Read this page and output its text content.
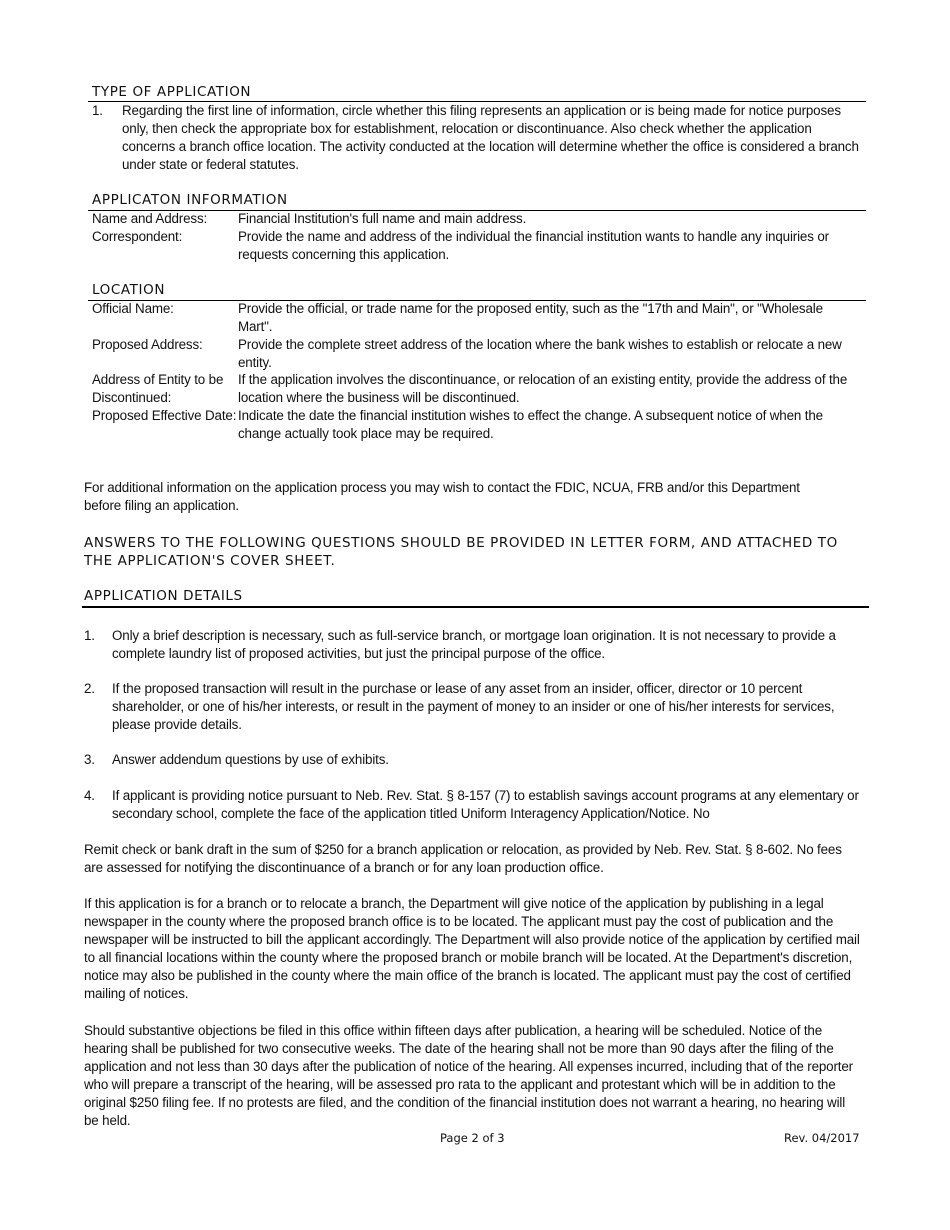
TYPE OF APPLICATION
1.	Regarding the first line of information, circle whether this filing represents an application or is being made for notice purposes only, then check the appropriate box for establishment, relocation or discontinuance. Also check whether the application concerns a branch office location. The activity conducted at the location will determine whether the office is considered a branch under state or federal statutes.
APPLICATON INFORMATION
Name and Address:	Financial Institution's full name and main address.
Correspondent:	Provide the name and address of the individual the financial institution wants to handle any inquiries or requests concerning this application.
LOCATION
Official Name:	Provide the official, or trade name for the proposed entity, such as the "17th and Main", or "Wholesale Mart".
Proposed Address:	Provide the complete street address of the location where the bank wishes to establish or relocate a new entity.
Address of Entity to be Discontinued:
If the application involves the discontinuance, or relocation of an existing entity, provide the address of the location where the business will be discontinued.
Proposed Effective Date: Indicate the date the financial institution wishes to effect the change. A subsequent notice of when the change actually took place may be required.
For additional information on the application process you may wish to contact the FDIC, NCUA, FRB and/or this Department before filing an application.
ANSWERS TO THE FOLLOWING QUESTIONS SHOULD BE PROVIDED IN LETTER FORM, AND ATTACHED TO THE APPLICATION'S COVER SHEET.
APPLICATION DETAILS
1.	Only a brief description is necessary, such as full-service branch, or mortgage loan origination. It is not necessary to provide a complete laundry list of proposed activities, but just the principal purpose of the office.
2.	If the proposed transaction will result in the purchase or lease of any asset from an insider, officer, director or 10 percent shareholder, or one of his/her interests, or result in the payment of money to an insider or one of his/her interests for services, please provide details.
3.	Answer addendum questions by use of exhibits.
4.	If applicant is providing notice pursuant to Neb. Rev. Stat. § 8-157 (7) to establish savings account programs at any elementary or secondary school, complete the face of the application titled Uniform Interagency Application/Notice. No
Remit check or bank draft in the sum of $250 for a branch application or relocation, as provided by Neb. Rev. Stat. § 8-602. No fees are assessed for notifying the discontinuance of a branch or for any loan production office.
If this application is for a branch or to relocate a branch, the Department will give notice of the application by publishing in a legal newspaper in the county where the proposed branch office is to be located. The applicant must pay the cost of publication and the newspaper will be instructed to bill the applicant accordingly. The Department will also provide notice of the application by certified mail to all financial locations within the county where the proposed branch or mobile branch will be located. At the Department's discretion, notice may also be published in the county where the main office of the branch is located. The applicant must pay the cost of certified mailing of notices.
Should substantive objections be filed in this office within fifteen days after publication, a hearing will be scheduled. Notice of the hearing shall be published for two consecutive weeks. The date of the hearing shall not be more than 90 days after the filing of the application and not less than 30 days after the publication of notice of the hearing. All expenses incurred, including that of the reporter who will prepare a transcript of the hearing, will be assessed pro rata to the applicant and protestant which will be in addition to the original $250 filing fee. If no protests are filed, and the condition of the financial institution does not warrant a hearing, no hearing will be held.
Page 2 of 3	Rev. 04/2017
